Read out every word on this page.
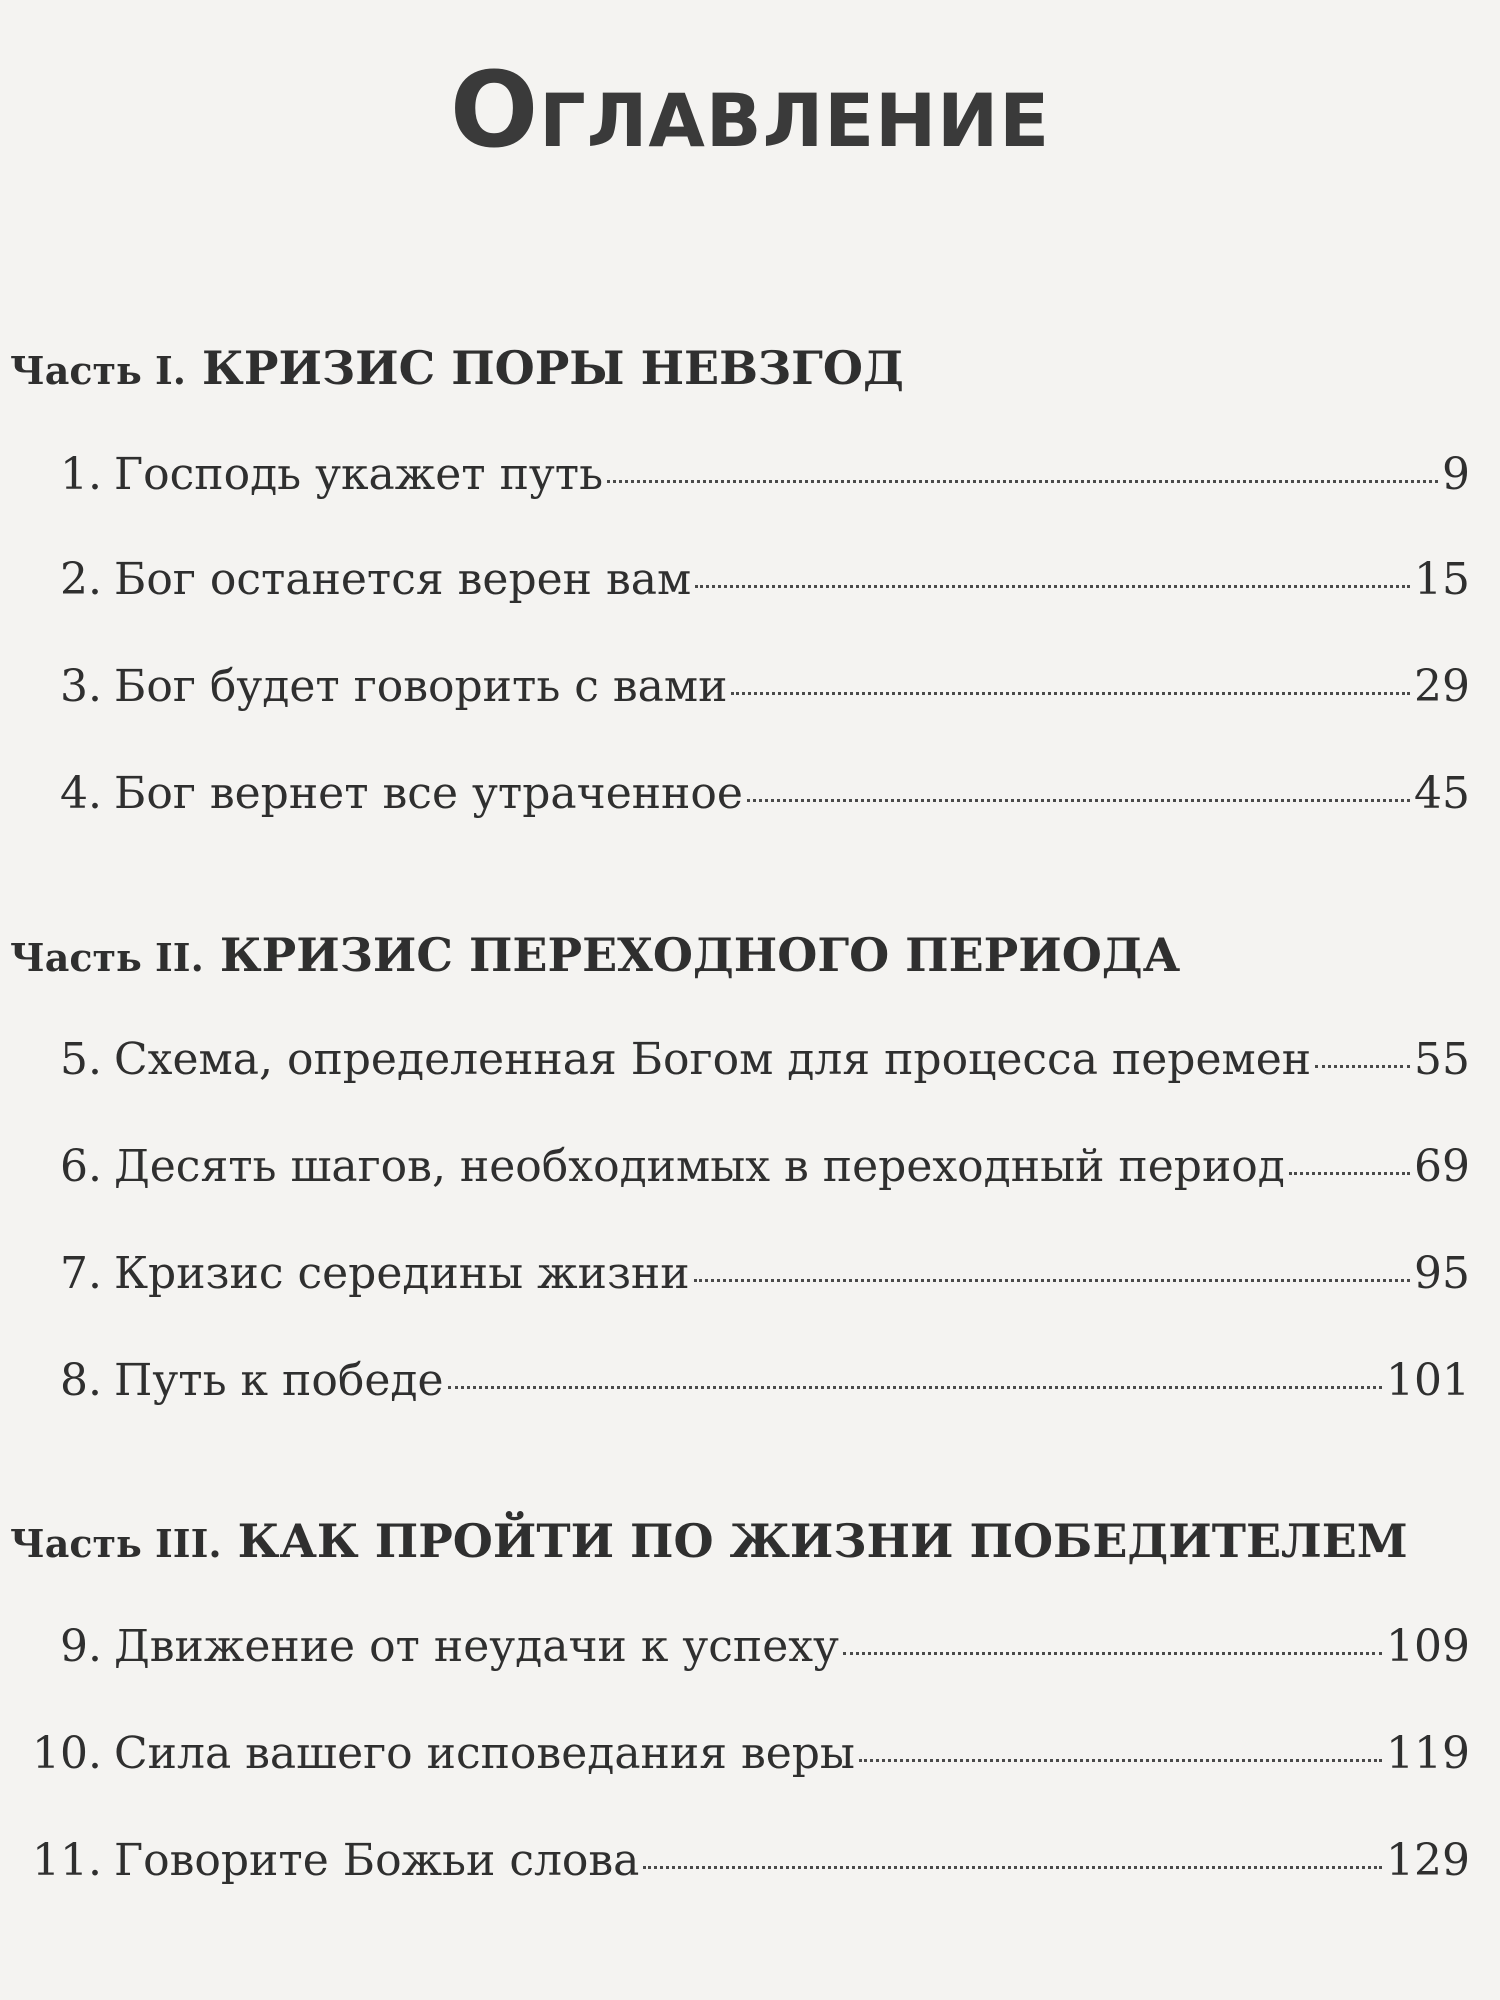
Оглавление
Часть I. КРИЗИС ПОРЫ НЕВЗГОД
1. Господь укажет путь	9
2. Бог останется верен вам	15
3. Бог будет говорить с вами	29
4. Бог вернет все утраченное	45
Часть II. КРИЗИС ПЕРЕХОДНОГО ПЕРИОДА
5. Схема, определенная Богом для процесса перемен 55
6. Десять шагов, необходимых в переходный период	69
7. Кризис середины жизни	95
8. Путь к победе	101
Часть III. КАК ПРОЙТИ ПО ЖИЗНИ ПОБЕДИТЕЛЕМ
9. Движение от неудачи к успеху	109
10. Сила вашего исповедания веры	119
11. Говорите Божьи слова	129
